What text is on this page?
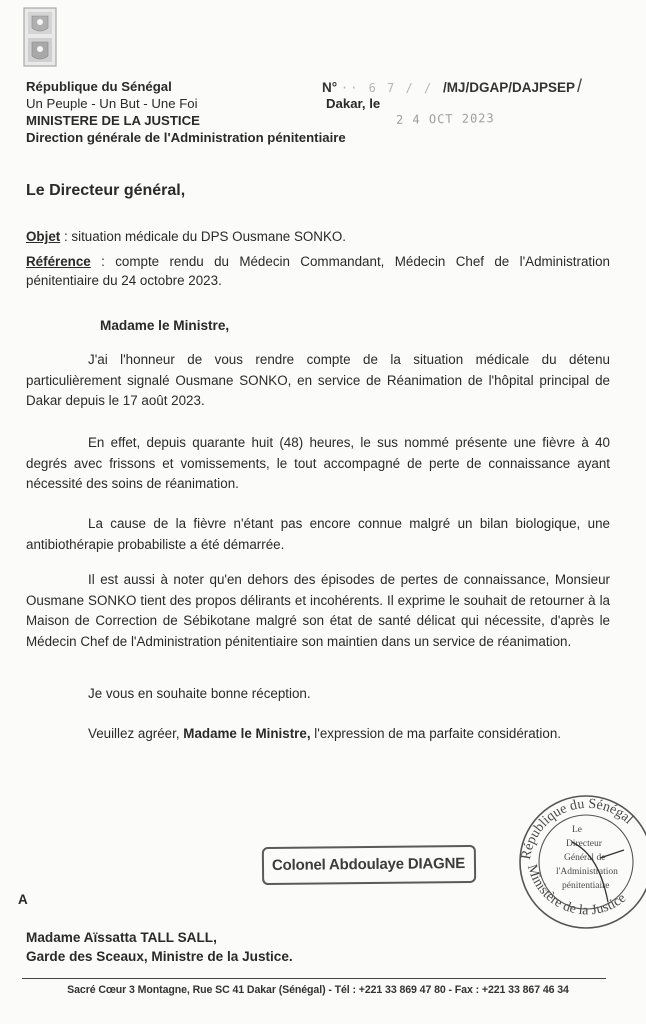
République du Sénégal
Un Peuple - Un But - Une Foi
MINISTERE DE LA JUSTICE
Direction générale de l'Administration pénitentiaire
N° ·· 6 7 / / /MJ/DGAP/DAJPSEP /
Dakar, le
2 4 OCT 2023
Le Directeur général,
Objet : situation médicale du DPS Ousmane SONKO.
Référence : compte rendu du Médecin Commandant, Médecin Chef de l'Administration pénitentiaire du 24 octobre 2023.
Madame le Ministre,

J'ai l'honneur de vous rendre compte de la situation médicale du détenu particulièrement signalé Ousmane SONKO, en service de Réanimation de l'hôpital principal de Dakar depuis le 17 août 2023.

En effet, depuis quarante huit (48) heures, le sus nommé présente une fièvre à 40 degrés avec frissons et vomissements, le tout accompagné de perte de connaissance ayant nécessité des soins de réanimation.

La cause de la fièvre n'étant pas encore connue malgré un bilan biologique, une antibiothérapie probabiliste a été démarrée.

Il est aussi à noter qu'en dehors des épisodes de pertes de connaissance, Monsieur Ousmane SONKO tient des propos délirants et incohérents. Il exprime le souhait de retourner à la Maison de Correction de Sébikotane malgré son état de santé délicat qui nécessite, d'après le Médecin Chef de l'Administration pénitentiaire son maintien dans un service de réanimation.

Je vous en souhaite bonne réception.

Veuillez agréer, Madame le Ministre, l'expression de ma parfaite considération.

République du Sénégal
Ministère de la Justice
Le
Directeur
Général de
l'Administration
pénitentiaire
Colonel Abdoulaye DIAGNE
A
Madame Aïssatta TALL SALL,
Garde des Sceaux, Ministre de la Justice.
Sacré Cœur 3 Montagne, Rue SC 41 Dakar (Sénégal) - Tél : +221 33 869 47 80 - Fax : +221 33 867 46 34
